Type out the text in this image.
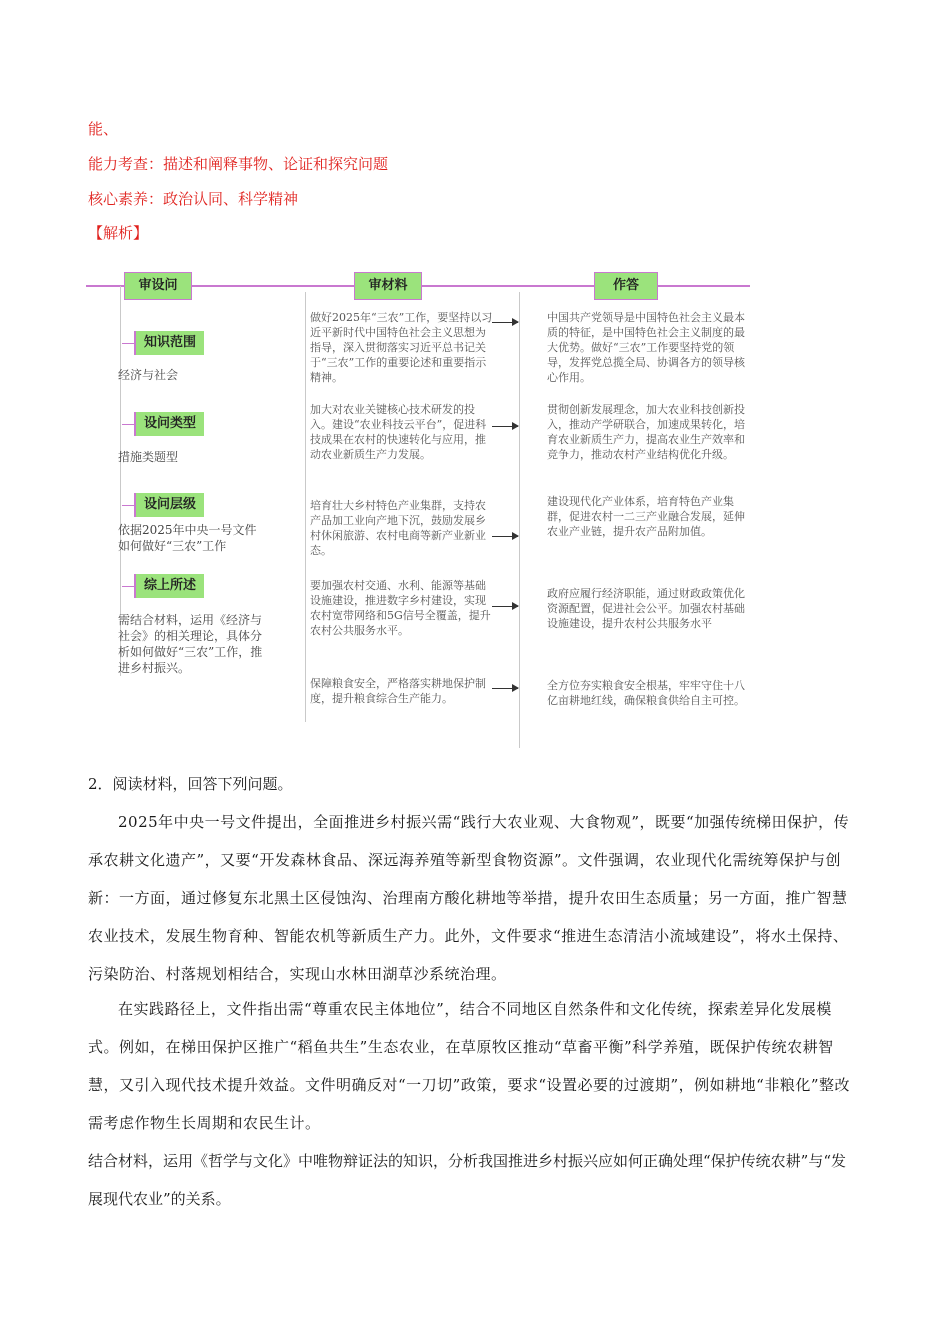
能、
能力考查：描述和阐释事物、论证和探究问题
核心素养：政治认同、科学精神
【解析】
审设问	审材料	作答
知识范围
经济与社会
设问类型
措施类题型
设问层级
依据2025年中央一号文件如何做好“三农”工作
综上所述
需结合材料，运用《经济与社会》的相关理论，具体分析如何做好“三农”工作，推进乡村振兴。
做好2025年“三农”工作，要坚持以习近平新时代中国特色社会主义思想为指导，深入贯彻落实习近平总书记关于“三农”工作的重要论述和重要指示精神。
加大对农业关键核心技术研发的投入。建设“农业科技云平台”，促进科技成果在农村的快速转化与应用，推动农业新质生产力发展。
培育壮大乡村特色产业集群，支持农产品加工业向产地下沉，鼓励发展乡村休闲旅游、农村电商等新产业新业态。
要加强农村交通、水利、能源等基础设施建设，推进数字乡村建设，实现农村宽带网络和5G信号全覆盖，提升农村公共服务水平。
保障粮食安全，严格落实耕地保护制度，提升粮食综合生产能力。
中国共产党领导是中国特色社会主义最本质的特征，是中国特色社会主义制度的最大优势。做好“三农”工作要坚持党的领导，发挥党总揽全局、协调各方的领导核心作用。
贯彻创新发展理念，加大农业科技创新投入，推动产学研联合，加速成果转化，培育农业新质生产力，提高农业生产效率和竞争力，推动农村产业结构优化升级。
建设现代化产业体系，培育特色产业集群，促进农村一二三产业融合发展，延伸农业产业链，提升农产品附加值。
政府应履行经济职能，通过财政政策优化资源配置，促进社会公平。加强农村基础设施建设，提升农村公共服务水平
全方位夯实粮食安全根基，牢牢守住十八亿亩耕地红线，确保粮食供给自主可控。
2．阅读材料，回答下列问题。
2025年中央一号文件提出，全面推进乡村振兴需“践行大农业观、大食物观”，既要“加强传统梯田保护，传承农耕文化遗产”，又要“开发森林食品、深远海养殖等新型食物资源”。文件强调，农业现代化需统筹保护与创新：一方面，通过修复东北黑土区侵蚀沟、治理南方酸化耕地等举措，提升农田生态质量；另一方面，推广智慧农业技术，发展生物育种、智能农机等新质生产力。此外，文件要求“推进生态清洁小流域建设”，将水土保持、污染防治、村落规划相结合，实现山水林田湖草沙系统治理。
在实践路径上，文件指出需“尊重农民主体地位”，结合不同地区自然条件和文化传统，探索差异化发展模式。例如，在梯田保护区推广“稻鱼共生”生态农业，在草原牧区推动“草畜平衡”科学养殖，既保护传统农耕智慧，又引入现代技术提升效益。文件明确反对“一刀切”政策，要求“设置必要的过渡期”，例如耕地“非粮化”整改需考虑作物生长周期和农民生计。
结合材料，运用《哲学与文化》中唯物辩证法的知识，分析我国推进乡村振兴应如何正确处理“保护传统农耕”与“发展现代农业”的关系。
